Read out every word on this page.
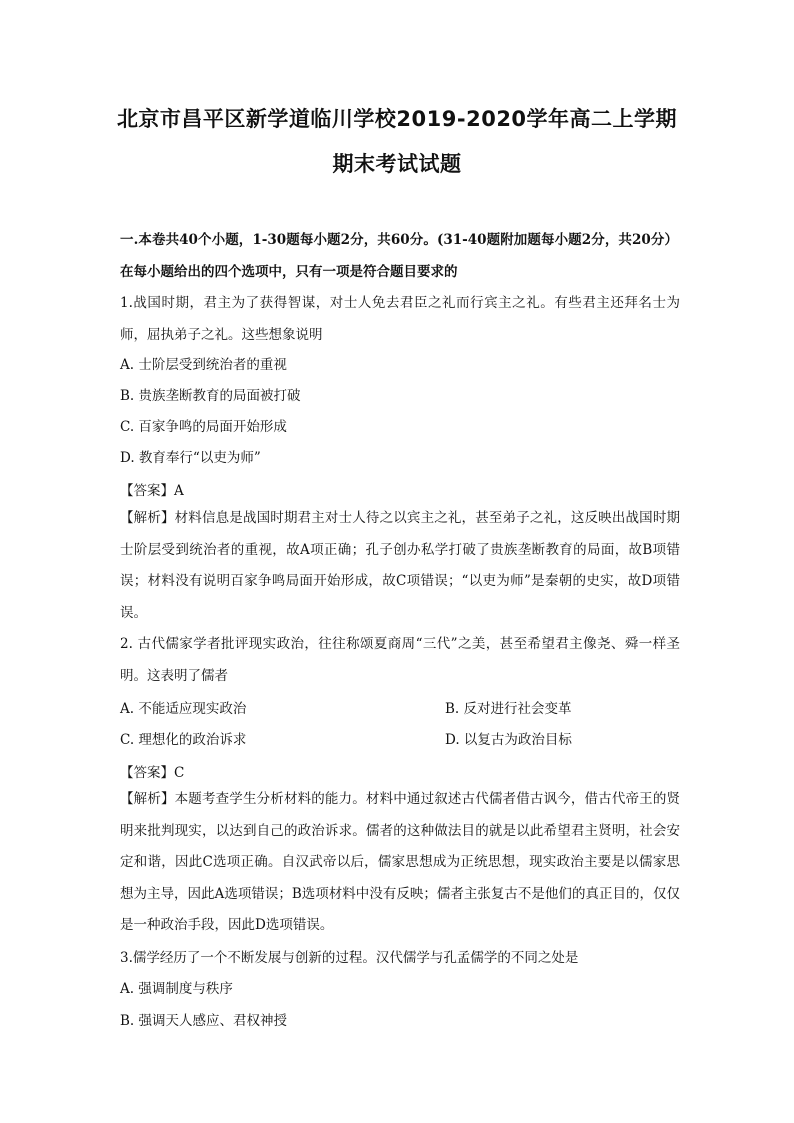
北京市昌平区新学道临川学校2019-2020学年高二上学期
期末考试试题
一.本卷共40个小题，1-30题每小题2分，共60分。(31-40题附加题每小题2分，共20分）在每小题给出的四个选项中，只有一项是符合题目要求的
1.战国时期，君主为了获得智谋，对士人免去君臣之礼而行宾主之礼。有些君主还拜名士为师，屈执弟子之礼。这些想象说明
A. 士阶层受到统治者的重视
B. 贵族垄断教育的局面被打破
C. 百家争鸣的局面开始形成
D. 教育奉行“以吏为师”
【答案】A
【解析】材料信息是战国时期君主对士人待之以宾主之礼，甚至弟子之礼，这反映出战国时期士阶层受到统治者的重视，故A项正确；孔子创办私学打破了贵族垄断教育的局面，故B项错误；材料没有说明百家争鸣局面开始形成，故C项错误；“以吏为师”是秦朝的史实，故D项错误。
2. 古代儒家学者批评现实政治，往往称颂夏商周“三代”之美，甚至希望君主像尧、舜一样圣明。这表明了儒者
A. 不能适应现实政治	B. 反对进行社会变革
C. 理想化的政治诉求	D. 以复古为政治目标
【答案】C
【解析】本题考查学生分析材料的能力。材料中通过叙述古代儒者借古讽今，借古代帝王的贤明来批判现实，以达到自己的政治诉求。儒者的这种做法目的就是以此希望君主贤明，社会安定和谐，因此C选项正确。自汉武帝以后，儒家思想成为正统思想，现实政治主要是以儒家思想为主导，因此A选项错误；B选项材料中没有反映；儒者主张复古不是他们的真正目的，仅仅是一种政治手段，因此D选项错误。
3.儒学经历了一个不断发展与创新的过程。汉代儒学与孔孟儒学的不同之处是
A. 强调制度与秩序
B. 强调天人感应、君权神授
